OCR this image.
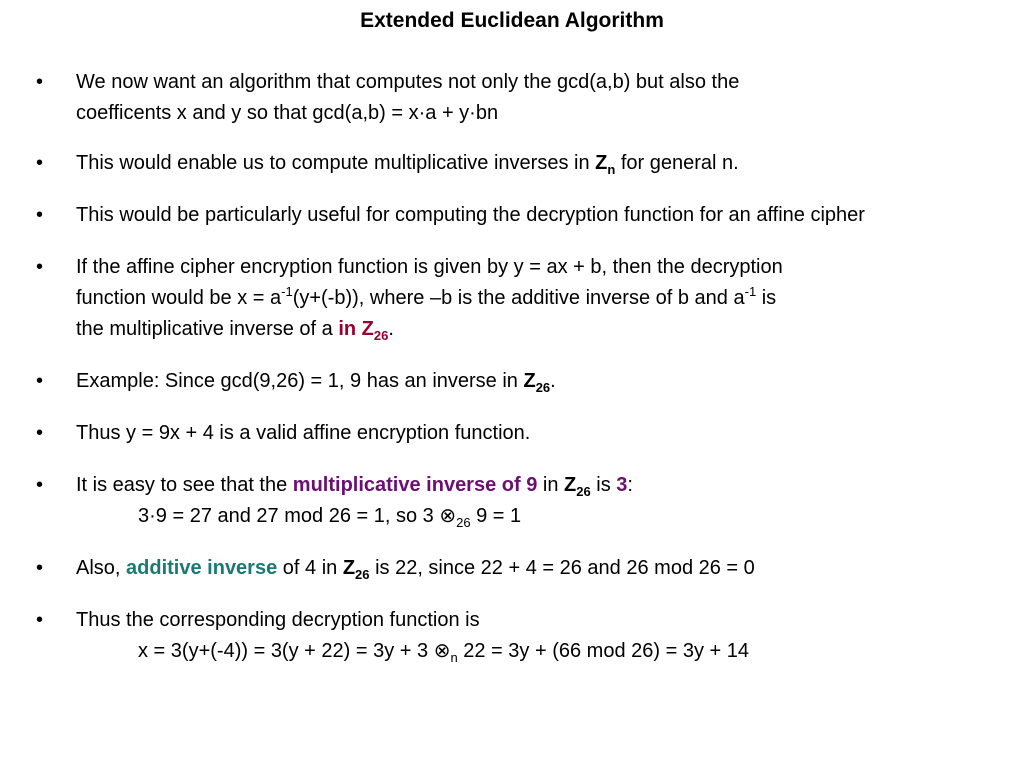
Extended Euclidean Algorithm
• We now want an algorithm that computes not only the gcd(a,b) but also the
coefficents x and y so that gcd(a,b) = x·a + y·bn
• This would enable us to compute multiplicative inverses in $Z_n$ for general n.
• This would be particularly useful for computing the decryption function for an affine cipher
• If the affine cipher encryption function is given by y = ax + b, then the decryption
function would be $x = a^{-1}(y+(-b))$, where –b is the additive inverse of b and $a^{-1}$ is
the multiplicative inverse of a in $Z_{26}$.
• Example: Since gcd(9,26) = 1, 9 has an inverse in $Z_{26}$.
• Thus y = 9x + 4 is a valid affine encryption function.
• It is easy to see that the multiplicative inverse of 9 in $Z_{26}$ is 3:
3·9 = 27 and 27 mod 26 = 1, so 3 $\otimes_{26}$ 9 = 1
• Also, additive inverse of 4 in $Z_{26}$ is 22, since 22 + 4 = 26 and 26 mod 26 = 0
• Thus the corresponding decryption function is
x = 3(y+(-4)) = 3(y + 22) = 3y + 3 $\otimes_n$ 22 = 3y + (66 mod 26) = 3y + 14
